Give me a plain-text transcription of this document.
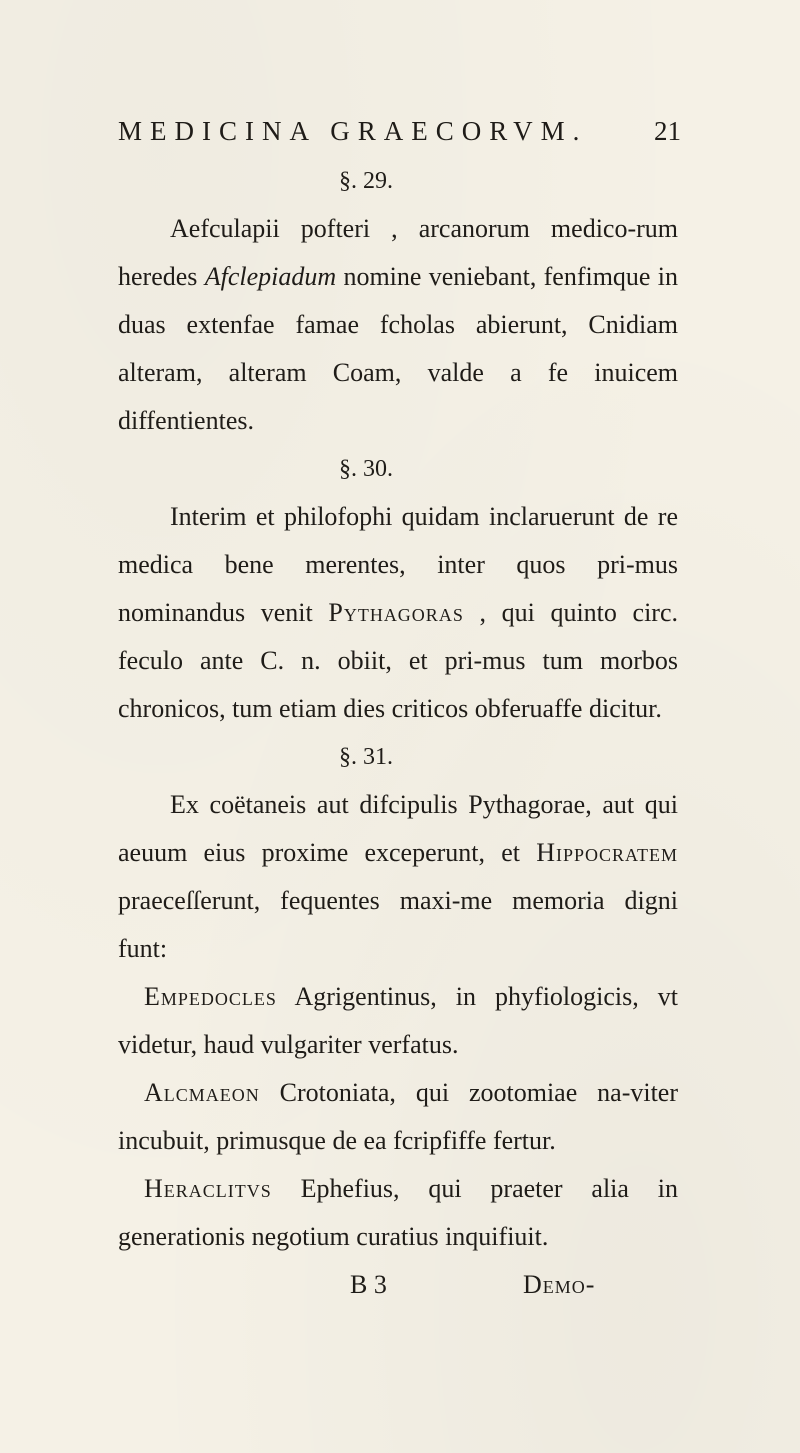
MEDICINA GRAECORVM. 21

§. 29.

Aefculapii pofteri , arcanorum medico-rum heredes Afclepiadum nomine veniebant, fenfimque in duas extenfae famae fcholas abierunt, Cnidiam alteram, alteram Coam, valde a fe inuicem diffentientes.

§. 30.

Interim et philofophi quidam inclaruerunt de re medica bene merentes, inter quos pri-mus nominandus venit Pythagoras , qui quinto circ. feculo ante C. n. obiit, et pri-mus tum morbos chronicos, tum etiam dies criticos obferuaffe dicitur.

§. 31.

Ex coëtaneis aut difcipulis Pythagorae, aut qui aeuum eius proxime exceperunt, et Hippocratem praeceſſerunt, fequentes maxi-me memoria digni funt:

Empedocles Agrigentinus, in phyfiologicis, vt videtur, haud vulgariter verfatus.

Alcmaeon Crotoniata, qui zootomiae na-viter incubuit, primusque de ea fcripfiffe fertur.

Heraclitvs Ephefius, qui praeter alia in generationis negotium curatius inquifiuit.

B 3	Demo-
